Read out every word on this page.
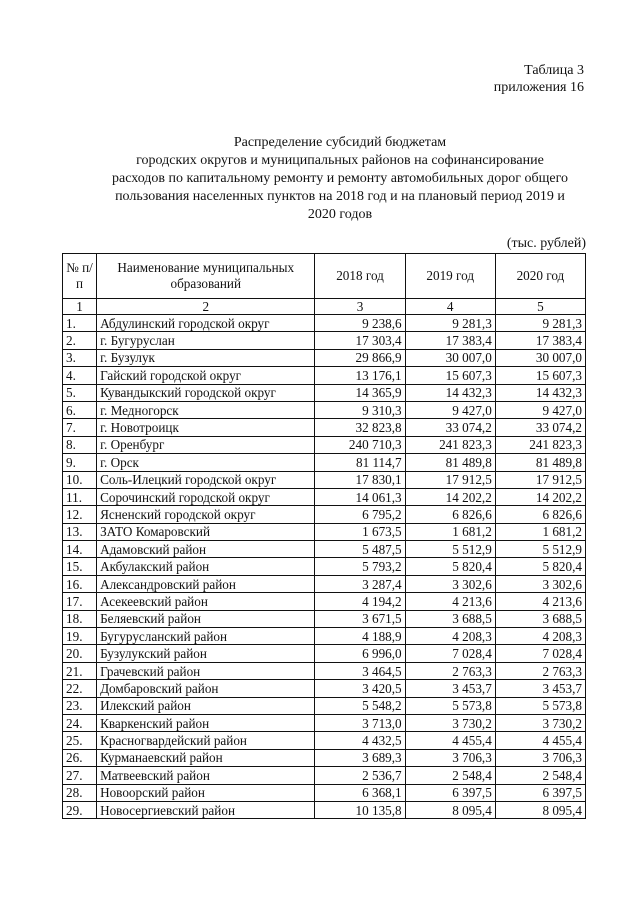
Таблица 3
приложения 16
Распределение субсидий бюджетам
городских округов и муниципальных районов на софинансирование
расходов по капитальному ремонту и ремонту автомобильных дорог общего
пользования населенных пунктов на 2018 год и на плановый период 2019 и
2020 годов
(тыс. рублей)
№ п/п	Наименование муниципальных образований	2018 год	2019 год	2020 год
1	2	3	4	5
1.	Абдулинский городской округ	9 238,6	9 281,3	9 281,3
2.	г. Бугуруслан	17 303,4	17 383,4	17 383,4
3.	г. Бузулук	29 866,9	30 007,0	30 007,0
4.	Гайский городской округ	13 176,1	15 607,3	15 607,3
5.	Кувандыкский городской округ	14 365,9	14 432,3	14 432,3
6.	г. Медногорск	9 310,3	9 427,0	9 427,0
7.	г. Новотроицк	32 823,8	33 074,2	33 074,2
8.	г. Оренбург	240 710,3	241 823,3	241 823,3
9.	г. Орск	81 114,7	81 489,8	81 489,8
10.	Соль-Илецкий городской округ	17 830,1	17 912,5	17 912,5
11.	Сорочинский городской округ	14 061,3	14 202,2	14 202,2
12.	Ясненский городской округ	6 795,2	6 826,6	6 826,6
13.	ЗАТО Комаровский	1 673,5	1 681,2	1 681,2
14.	Адамовский район	5 487,5	5 512,9	5 512,9
15.	Акбулакский район	5 793,2	5 820,4	5 820,4
16.	Александровский район	3 287,4	3 302,6	3 302,6
17.	Асекеевский район	4 194,2	4 213,6	4 213,6
18.	Беляевский район	3 671,5	3 688,5	3 688,5
19.	Бугурусланский район	4 188,9	4 208,3	4 208,3
20.	Бузулукский район	6 996,0	7 028,4	7 028,4
21.	Грачевский район	3 464,5	2 763,3	2 763,3
22.	Домбаровский район	3 420,5	3 453,7	3 453,7
23.	Илекский район	5 548,2	5 573,8	5 573,8
24.	Кваркенский район	3 713,0	3 730,2	3 730,2
25.	Красногвардейский район	4 432,5	4 455,4	4 455,4
26.	Курманаевский район	3 689,3	3 706,3	3 706,3
27.	Матвеевский район	2 536,7	2 548,4	2 548,4
28.	Новоорский район	6 368,1	6 397,5	6 397,5
29.	Новосергиевский район	10 135,8	8 095,4	8 095,4
